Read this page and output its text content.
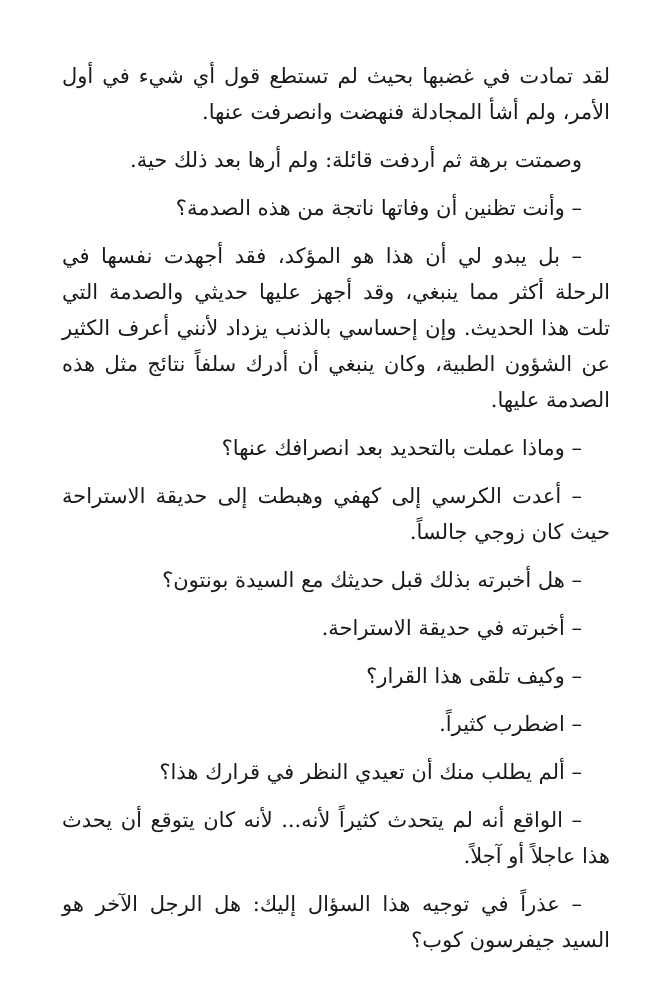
لقد تمادت في غضبها بحيث لم تستطع قول أي شيء في أول الأمر، ولم أشأ المجادلة فنهضت وانصرفت عنها.

وصمتت برهة ثم أردفت قائلة: ولم أرها بعد ذلك حية.

– وأنت تظنين أن وفاتها ناتجة من هذه الصدمة؟

– بل يبدو لي أن هذا هو المؤكد، فقد أجهدت نفسها في الرحلة أكثر مما ينبغي، وقد أجهز عليها حديثي والصدمة التي تلت هذا الحديث. وإن إحساسي بالذنب يزداد لأنني أعرف الكثير عن الشؤون الطبية، وكان ينبغي أن أدرك سلفاً نتائج مثل هذه الصدمة عليها.

– وماذا عملت بالتحديد بعد انصرافك عنها؟

– أعدت الكرسي إلى كهفي وهبطت إلى حديقة الاستراحة حيث كان زوجي جالساً.

– هل أخبرته بذلك قبل حديثك مع السيدة بونتون؟

– أخبرته في حديقة الاستراحة.

– وكيف تلقى هذا القرار؟

– اضطرب كثيراً.

– ألم يطلب منك أن تعيدي النظر في قرارك هذا؟

– الواقع أنه لم يتحدث كثيراً لأنه... لأنه كان يتوقع أن يحدث هذا عاجلاً أو آجلاً.

– عذراً في توجيه هذا السؤال إليك: هل الرجل الآخر هو السيد جيفرسون كوب؟
